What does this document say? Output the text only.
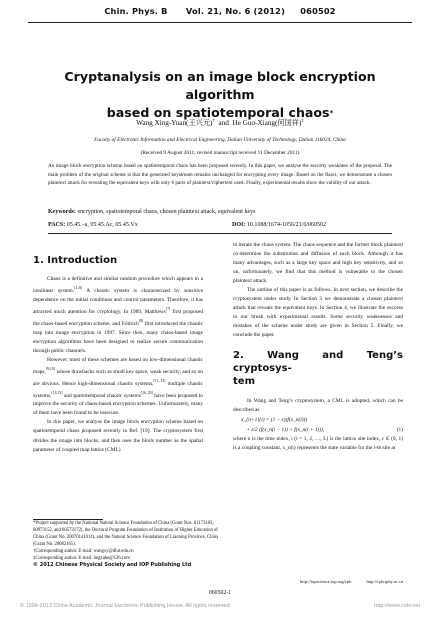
Chin. Phys. B Vol. 21, No. 6 (2012) 060502
Cryptanalysis on an image block encryption algorithm
based on spatiotemporal chaos*
Wang Xing-Yuan(王兴元)† and He Guo-Xiang(何国祥)‡
Faculty of Electronic Information and Electrical Engineering, Dalian University of Technology, Dalian 116024, China
(Received 9 August 2011; revised manuscript received 11 December 2011)
An image block encryption scheme based on spatiotemporal chaos has been proposed recently. In this paper, we analyse the security weakness of the proposal. The main problem of the original scheme is that the generated keystream remains unchanged for encrypting every image. Based on the flaws, we demonstrate a chosen plaintext attack for revealing the equivalent keys with only 6 pairs of plaintext/ciphertext used. Finally, experimental results show the validity of our attack.
Keywords: encryption, spatiotemporal chaos, chosen plaintext attack, equivalent keys
PACS: 05.45.–a, 05.45.Ac, 05.45.Vx	DOI: 10.1088/1674-1056/21/6/060502
1. Introduction

Chaos is a definitive and similar random procedure which appears in a nonlinear system.[1–6] A chaotic system is characterized by sensitive dependence on the initial conditions and control parameters. Therefore, it has attracted much attention for cryptology. In 1989, Matthews[7] first proposed the chaos-based encryption scheme, and Fridrich[8] first introduced the chaotic map into image encryption in 1997. Since then, many chaos-based image encryption algorithms have been designed to realize secure communication through public channels.

However, most of these schemes are based on low-dimensional chaotic maps,[9,10] whose drawbacks such as small key space, weak security, and so on are obvious. Hence high-dimensional chaotic systems,[11–13] multiple chaotic systems,[14,15] and spatiotemporal chaotic systems[16–20] have been proposed to improve the security of chaos-based encryption schemes. Unfortunately, many of them have been found to be insecure.

In this paper, we analyse the image block encryption scheme based on spatiotemporal chaos proposed recently in Ref. [19]. The cryptosystem first divides the image into blocks, and then uses the block number as the spatial parameter of coupled map lattice (CML)

to iterate the chaos system. The chaos sequence and the former block plaintext co-determine the substitution and diffusion of each block. Although it has many advantages, such as a large key space and high key sensitivity, and so on, unfortunately, we find that this method is vulnerable to the chosen plaintext attack.

The outline of this paper is as follows. In next section, we describe the cryptosystem under study. In Section 3 we demonstrate a chosen plaintext attack that reveals the equivalent keys. In Section 4, we illustrate the success in our break with experimental results. Some security weaknesses and mistakes of the scheme under study are given in Section 5. Finally, we conclude the paper.

2. Wang and Teng’s cryptosys-
tem

In Wang and Teng’s cryptosystem, a CML is adopted, which can be described as

x_{n+1}(i) = (1 − ε)(f(x_n(i)))
+ ε/2 (f(x_n(i − 1)) + f(x_n(i + 1))),	(1)

where n is the time index, i (i = 1, 2, …, L) is the lattice site index, ε ∈ (0, 1) is a coupling constant, x_n(i) represents the state variable for the i-th site at

*Project supported by the National Natural Science Foundation of China (Grant Nos. 61173183, 60973152, and 60573172), the Doctoral Program Foundation of Institution of Higher Education of China (Grant No. 20070141014), and the Natural Science Foundation of Liaoning Province, China (Grant No. 20082165).
†Corresponding author. E-mail: wangxy@dlut.edu.cn
‡Corresponding author. E-mail: hegxahe@126.com
© 2012 Chinese Physical Society and IOP Publishing Ltd
http://iopscience.iop.org/cpb	http://cpb.iphy.ac.cn
060502-1
© 1994-2013 China Academic Journal Electronic Publishing House. All rights reserved.	http://www.cnki.net
